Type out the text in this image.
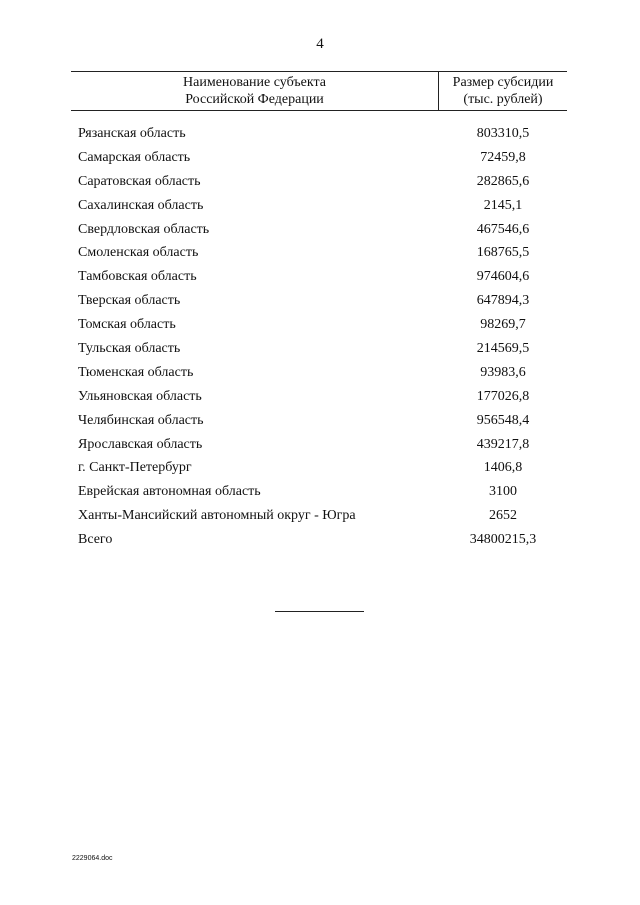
4
Наименование субъекта
Российской Федерации
Размер субсидии
(тыс. рублей)
Рязанская область	803310,5
Самарская область	72459,8
Саратовская область	282865,6
Сахалинская область	2145,1
Свердловская область	467546,6
Смоленская область	168765,5
Тамбовская область	974604,6
Тверская область	647894,3
Томская область	98269,7
Тульская область	214569,5
Тюменская область	93983,6
Ульяновская область	177026,8
Челябинская область	956548,4
Ярославская область	439217,8
г. Санкт-Петербург	1406,8
Еврейская автономная область	3100
Ханты-Мансийский автономный округ - Югра	2652
Всего	34800215,3
2229064.doc
